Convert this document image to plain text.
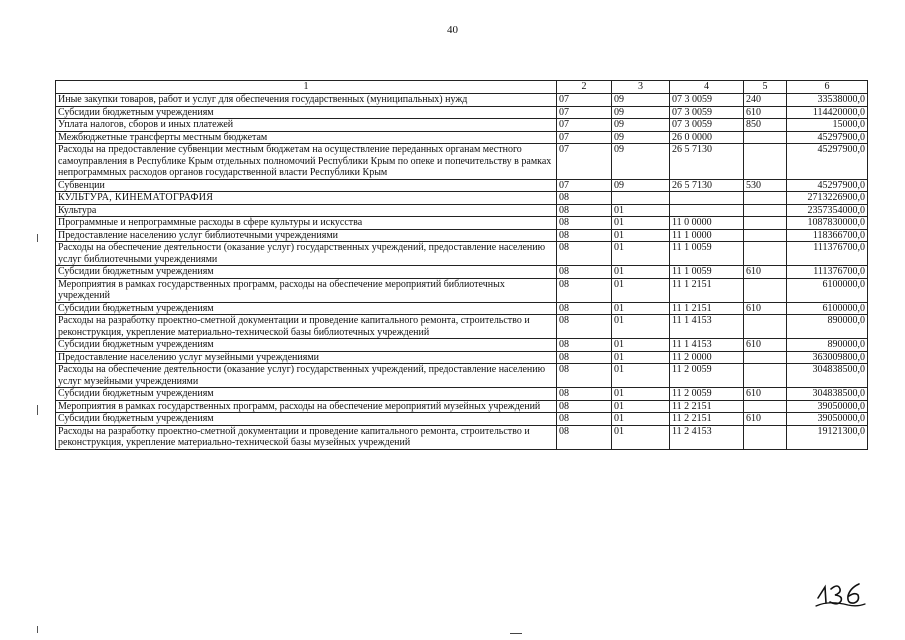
40
1	2	3	4	5	6
Иные закупки товаров, работ и услуг для обеспечения государственных (муниципальных) нужд	07	09	07 3 0059	240	33538000,0
Субсидии бюджетным учреждениям	07	09	07 3 0059	610	114420000,0
Уплата налогов, сборов и иных платежей	07	09	07 3 0059	850	15000,0
Межбюджетные трансферты местным бюджетам	07	09	26 0 0000		45297900,0
Расходы на предоставление субвенции местным бюджетам на осуществление переданных органам местного самоуправления в Республике Крым отдельных полномочий Республики Крым по опеке и попечительству в рамках непрограммных расходов органов государственной власти Республики Крым	07	09	26 5 7130		45297900,0
Субвенции	07	09	26 5 7130	530	45297900,0
КУЛЬТУРА, КИНЕМАТОГРАФИЯ	08				2713226900,0
Культура	08	01			2357354000,0
Программные и непрограммные расходы в сфере культуры и искусства	08	01	11 0 0000		1087830000,0
Предоставление населению услуг библиотечными учреждениями	08	01	11 1 0000		118366700,0
Расходы на обеспечение деятельности (оказание услуг) государственных учреждений, предоставление населению услуг библиотечными учреждениями	08	01	11 1 0059		111376700,0
Субсидии бюджетным учреждениям	08	01	11 1 0059	610	111376700,0
Мероприятия в рамках государственных программ, расходы на обеспечение мероприятий библиотечных учреждений	08	01	11 1 2151		6100000,0
Субсидии бюджетным учреждениям	08	01	11 1 2151	610	6100000,0
Расходы на разработку проектно-сметной документации и проведение капитального ремонта, строительство и реконструкция, укрепление материально-технической базы библиотечных учреждений	08	01	11 1 4153		890000,0
Субсидии бюджетным учреждениям	08	01	11 1 4153	610	890000,0
Предоставление населению услуг музейными учреждениями	08	01	11 2 0000		363009800,0
Расходы на обеспечение деятельности (оказание услуг) государственных учреждений, предоставление населению услуг музейными учреждениями	08	01	11 2 0059		304838500,0
Субсидии бюджетным учреждениям	08	01	11 2 0059	610	304838500,0
Мероприятия в рамках государственных программ, расходы на обеспечение мероприятий музейных учреждений	08	01	11 2 2151		39050000,0
Субсидии бюджетным учреждениям	08	01	11 2 2151	610	39050000,0
Расходы на разработку проектно-сметной документации и проведение капитального ремонта, строительство и реконструкция, укрепление материально-технической базы музейных учреждений	08	01	11 2 4153		19121300,0
